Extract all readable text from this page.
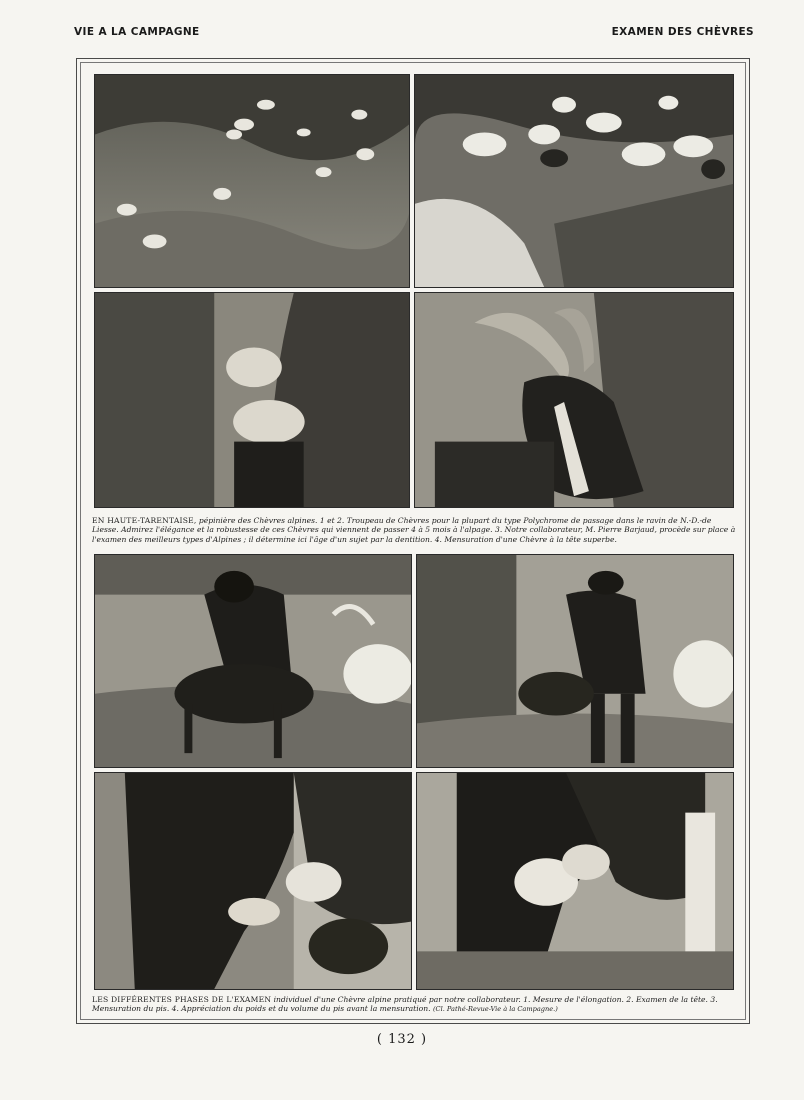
VIE A LA CAMPAGNE	EXAMEN DES CHÈVRES
EN HAUTE-TARENTAISE, pépinière des Chèvres alpines. 1 et 2. Troupeau de Chèvres pour la plupart du type Polychrome de passage dans le ravin de N.-D.-de Liesse. Admirez l'élégance et la robustesse de ces Chèvres qui viennent de passer 4 à 5 mois à l'alpage. 3. Notre collaborateur, M. Pierre Barjaud, procède sur place à l'examen des meilleurs types d'Alpines ; il détermine ici l'âge d'un sujet par la dentition. 4. Mensuration d'une Chèvre à la tête superbe.
LES DIFFÉRENTES PHASES DE L'EXAMEN individuel d'une Chèvre alpine pratiqué par notre collaborateur. 1. Mesure de l'élongation. 2. Examen de la tête. 3. Mensuration du pis. 4. Appréciation du poids et du volume du pis avant la mensuration. (Cl. Pathé-Revue-Vie à la Campagne.)
( 132 )
